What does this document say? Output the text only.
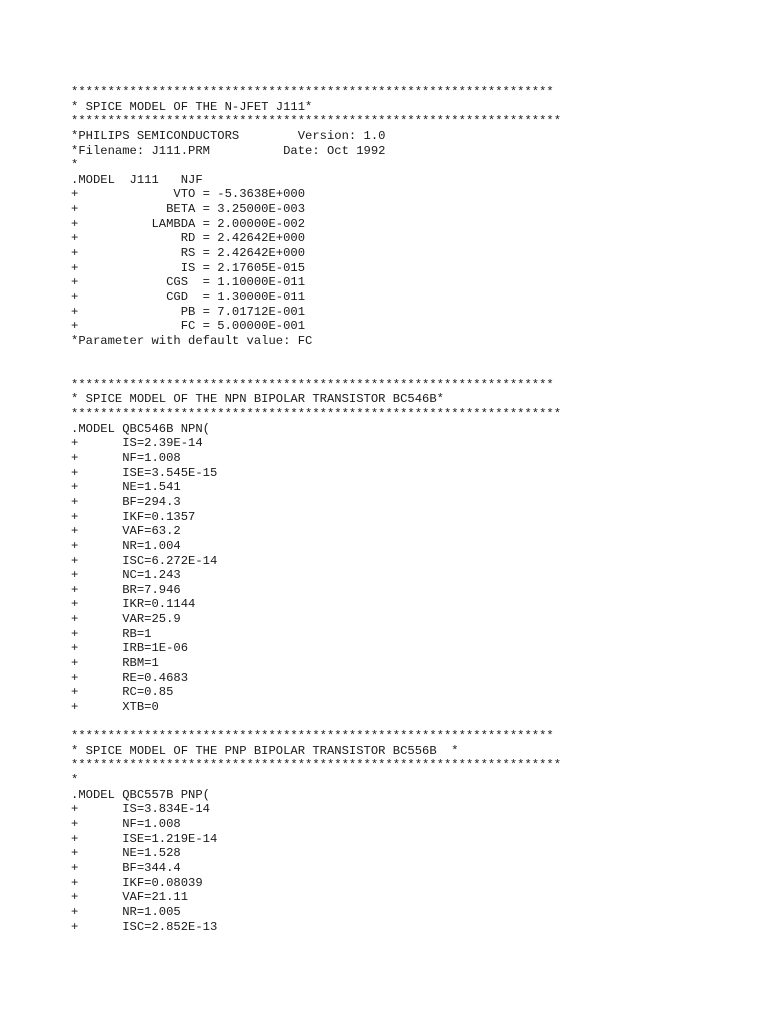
******************************************************************
* SPICE MODEL OF THE N-JFET J111*
*******************************************************************
*PHILIPS SEMICONDUCTORS        Version: 1.0
*Filename: J111.PRM          Date: Oct 1992
*
.MODEL  J111   NJF
+             VTO = -5.3638E+000
+            BETA = 3.25000E-003
+          LAMBDA = 2.00000E-002
+              RD = 2.42642E+000
+              RS = 2.42642E+000
+              IS = 2.17605E-015
+            CGS  = 1.10000E-011
+            CGD  = 1.30000E-011
+              PB = 7.01712E-001
+              FC = 5.00000E-001
*Parameter with default value: FC
******************************************************************
* SPICE MODEL OF THE NPN BIPOLAR TRANSISTOR BC546B*
*******************************************************************
.MODEL QBC546B NPN(
+      IS=2.39E-14
+      NF=1.008
+      ISE=3.545E-15
+      NE=1.541
+      BF=294.3
+      IKF=0.1357
+      VAF=63.2
+      NR=1.004
+      ISC=6.272E-14
+      NC=1.243
+      BR=7.946
+      IKR=0.1144
+      VAR=25.9
+      RB=1
+      IRB=1E-06
+      RBM=1
+      RE=0.4683
+      RC=0.85
+      XTB=0
******************************************************************
* SPICE MODEL OF THE PNP BIPOLAR TRANSISTOR BC556B  *
*******************************************************************
*
.MODEL QBC557B PNP(
+      IS=3.834E-14
+      NF=1.008
+      ISE=1.219E-14
+      NE=1.528
+      BF=344.4
+      IKF=0.08039
+      VAF=21.11
+      NR=1.005
+      ISC=2.852E-13
